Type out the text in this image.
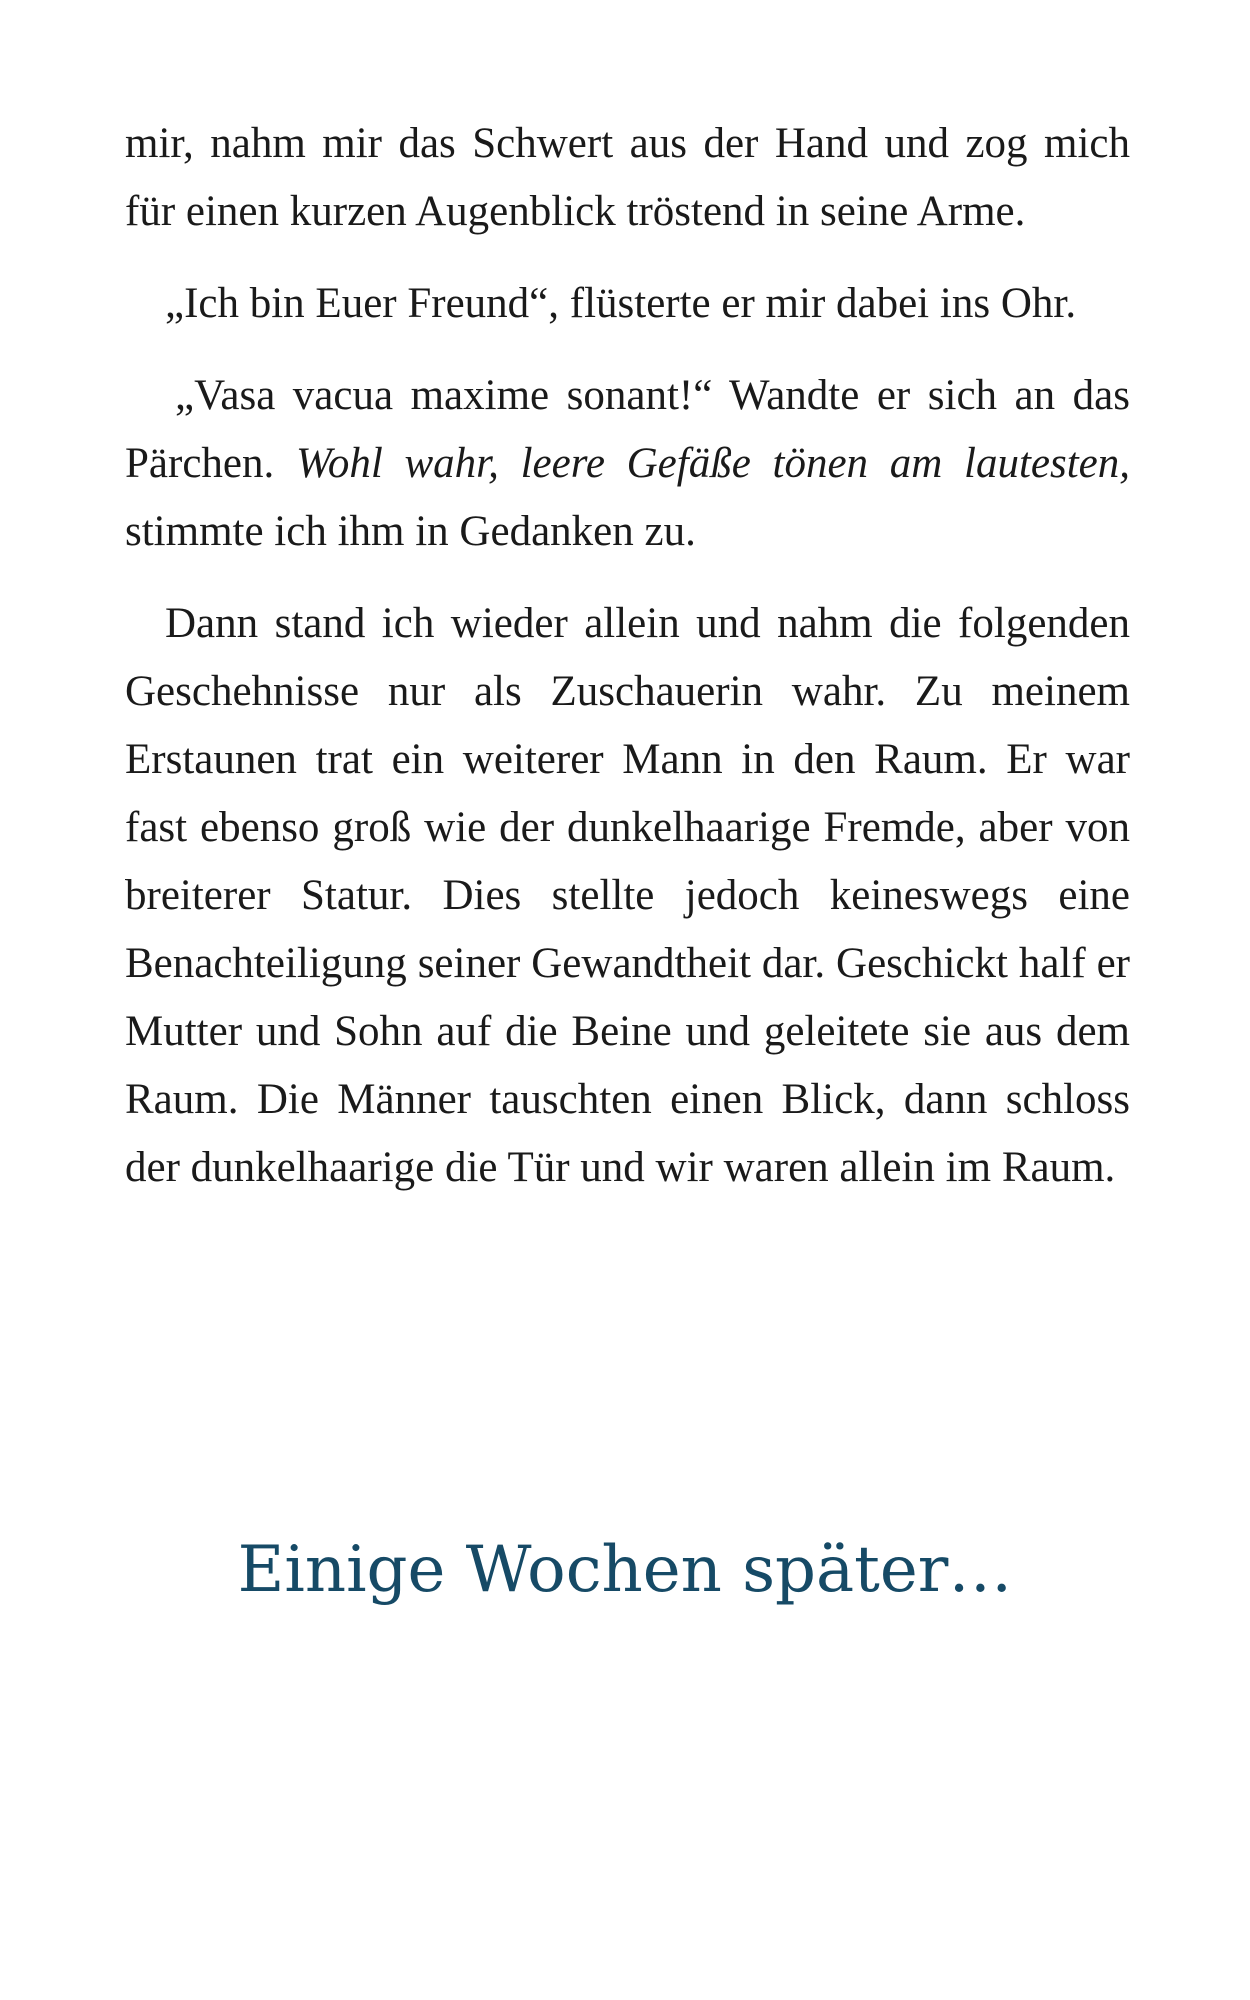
mir, nahm mir das Schwert aus der Hand und zog mich für einen kurzen Augenblick tröstend in seine Arme.

„Ich bin Euer Freund“, flüsterte er mir dabei ins Ohr.

„Vasa vacua maxime sonant!“ Wandte er sich an das Pärchen. Wohl wahr, leere Gefäße tönen am lautesten, stimmte ich ihm in Gedanken zu.

Dann stand ich wieder allein und nahm die folgenden Geschehnisse nur als Zuschauerin wahr. Zu meinem Erstaunen trat ein weiterer Mann in den Raum. Er war fast ebenso groß wie der dunkelhaarige Fremde, aber von breiterer Statur. Dies stellte jedoch keineswegs eine Benachteiligung seiner Gewandtheit dar. Geschickt half er Mutter und Sohn auf die Beine und geleitete sie aus dem Raum. Die Männer tauschten einen Blick, dann schloss der dunkelhaarige die Tür und wir waren allein im Raum.

Einige Wochen später…
